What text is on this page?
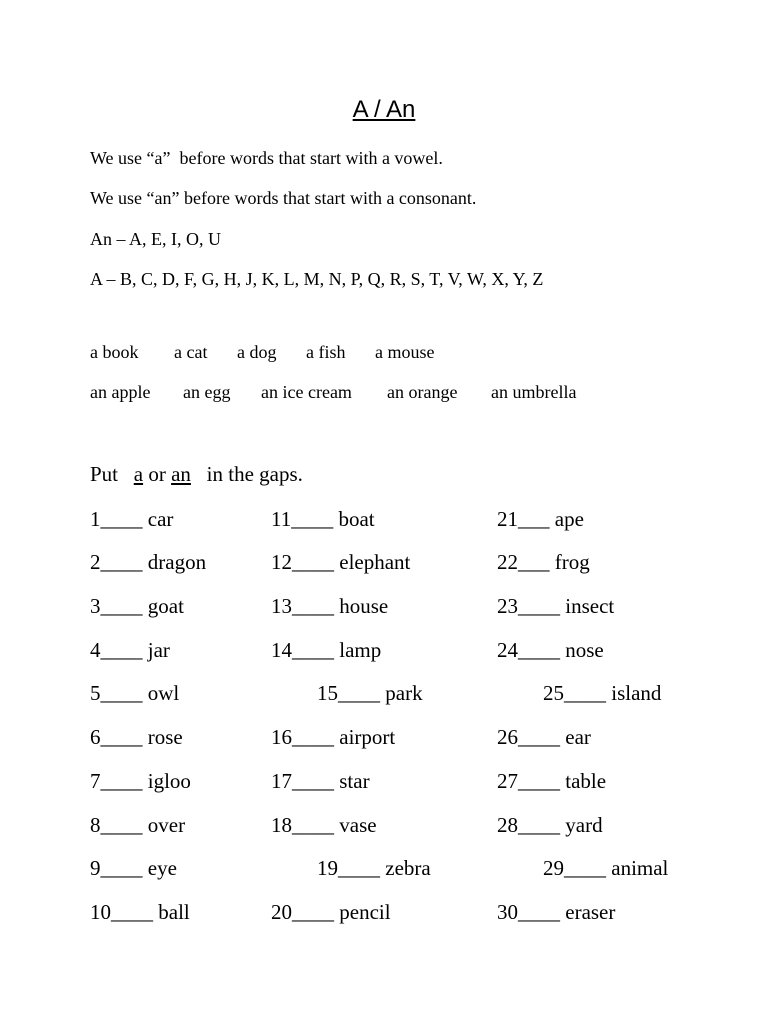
A / An
We use “a”  before words that start with a vowel.
We use “an” before words that start with a consonant.
An – A, E, I, O, U
A – B, C, D, F, G, H, J, K, L, M, N, P, Q, R, S, T, V, W, X, Y, Z
a book a cat a dog a fish a mouse
an apple an egg an ice cream an orange an umbrella
Put a or an in the gaps.
1____ car
2____ dragon
3____ goat
4____ jar
5____ owl
6____ rose
7____ igloo
8____ over
9____ eye
10____ ball
11____ boat
12____ elephant
13____ house
14____ lamp
15____ park
16____ airport
17____ star
18____ vase
19____ zebra
20____ pencil
21___ ape
22___ frog
23____ insect
24____ nose
25____ island
26____ ear
27____ table
28____ yard
29____ animal
30____ eraser
